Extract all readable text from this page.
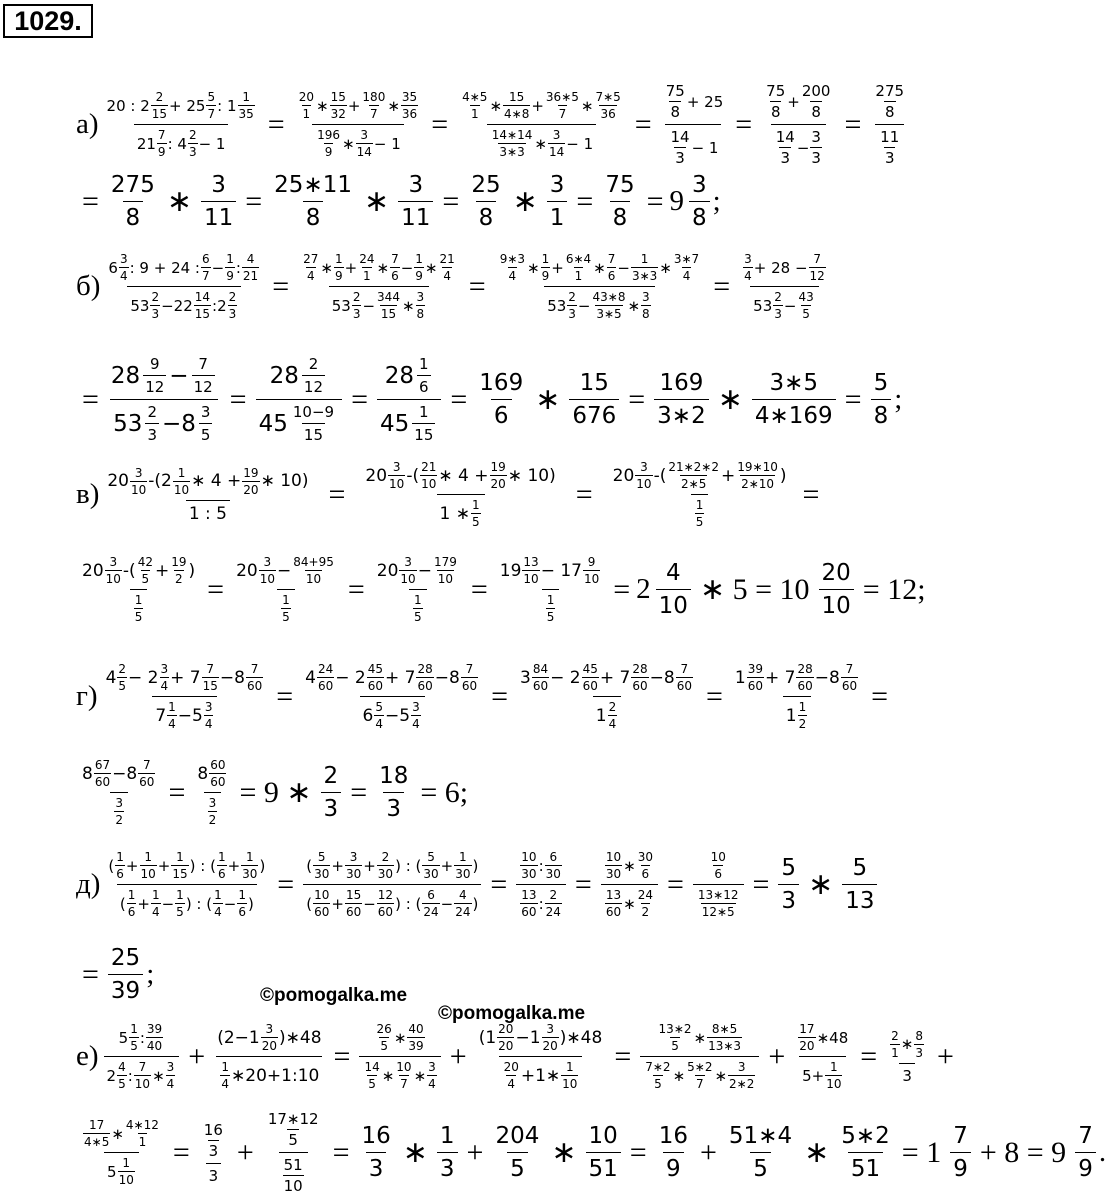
1029.
$а) \frac{20 : 2 \frac{2}{15} + 25 \frac{5}{7} : 1 \frac{1}{35}}{21 \frac{7}{9} : 4 \frac{2}{3} - 1} = \frac{\frac{20}{1} ∗ \frac{15}{32} + \frac{180}{7} ∗ \frac{35}{36}}{\frac{196}{9} ∗ \frac{3}{14} - 1} = \frac{\frac{4∗5}{1} ∗ \frac{15}{4∗8} + \frac{36∗5}{7} ∗ \frac{7∗5}{36}}{\frac{14∗14}{3∗3} ∗ \frac{3}{14} - 1} = \frac{\frac{75}{8} + 25}{\frac{14}{3} - 1} = \frac{\frac{75}{8} + \frac{200}{8}}{\frac{14}{3} - \frac{3}{3}} = \frac{\frac{275}{8}}{\frac{11}{3}}$
= $\frac{275}{8}$ ∗ $\frac{3}{11} = \frac{25∗11}{8}$ ∗ $\frac{3}{11} = \frac{25}{8}$ ∗ $\frac{3}{1} = \frac{75}{8} = 9 \frac{3}{8}$ ;
$б) \frac{6 \frac{3}{4} : 9 + 24 : \frac{6}{7} - \frac{1}{9} : \frac{4}{21}}{53 \frac{2}{3} -22 \frac{14}{15} :2 \frac{2}{3}} = \frac{\frac{27}{4} ∗ \frac{1}{9} + \frac{24}{1} ∗ \frac{7}{6} - \frac{1}{9} ∗ \frac{21}{4}}{53 \frac{2}{3} - \frac{344}{15} ∗ \frac{3}{8}} = \frac{\frac{9∗3}{4} ∗ \frac{1}{9} + \frac{6∗4}{1} ∗ \frac{7}{6} - \frac{1}{3∗3} ∗ \frac{3∗7}{4}}{53 \frac{2}{3} - \frac{43∗8}{3∗5} ∗ \frac{3}{8}} = \frac{\frac{3}{4} + 28 - \frac{7}{12}}{53 \frac{2}{3} - \frac{43}{5}}$
= $\frac{28 \frac{9}{12} - \frac{7}{12}}{53 \frac{2}{3} -8 \frac{3}{5}} = \frac{28 \frac{2}{12}}{45 \frac{10-9}{15}} = \frac{28 \frac{1}{6}}{45 \frac{1}{15}} = \frac{169}{6}$ ∗ $\frac{15}{676} = \frac{169}{3∗2}$ ∗ $\frac{3∗5}{4∗169} = \frac{5}{8}$ ;
$в) \frac{20 \frac{3}{10} -(2 \frac{1}{10} ∗ 4 + \frac{19}{20} ∗ 10)}{1 : 5}$ =	$\frac{20 \frac{3}{10} -( \frac{21}{10} ∗ 4 + \frac{19}{20} ∗ 10)}{1 ∗ \frac{1}{5}}$ =	$\frac{20 \frac{3}{10} -( \frac{21∗2∗2}{2∗5} + \frac{19∗10}{2∗10} )}{\frac{1}{5}}$ =
$\frac{20 \frac{3}{10} -( \frac{42}{5} + \frac{19}{2} )}{\frac{1}{5}} = \frac{20 \frac{3}{10} - \frac{84+95}{10}}{\frac{1}{5}} = \frac{20 \frac{3}{10} - \frac{179}{10}}{\frac{1}{5}} = \frac{19 \frac{13}{10} - 17 \frac{9}{10}}{\frac{1}{5}} = 2 \frac{4}{10}$ ∗ $5 = 10 \frac{20}{10} = 12$;
$г) \frac{4 \frac{2}{5} - 2 \frac{3}{4} + 7 \frac{7}{15} -8 \frac{7}{60}}{7 \frac{1}{4} -5 \frac{3}{4}} = \frac{4 \frac{24}{60} - 2 \frac{45}{60} + 7 \frac{28}{60} -8 \frac{7}{60}}{6 \frac{5}{4} -5 \frac{3}{4}} = \frac{3 \frac{84}{60} - 2 \frac{45}{60} + 7 \frac{28}{60} -8 \frac{7}{60}}{1 \frac{2}{4}} = \frac{1 \frac{39}{60} + 7 \frac{28}{60} -8 \frac{7}{60}}{1 \frac{1}{2}}$ =
$\frac{8 \frac{67}{60} -8 \frac{7}{60}}{\frac{3}{2}} = \frac{8 \frac{60}{60}}{\frac{3}{2}} = 9$ ∗ $\frac{2}{3} = \frac{18}{3} = 6$;
$д) \frac{( \frac{1}{6} + \frac{1}{10} + \frac{1}{15} ) : ( \frac{1}{6} + \frac{1}{30} )}{( \frac{1}{6} + \frac{1}{4} - \frac{1}{5} ) : ( \frac{1}{4} - \frac{1}{6} )} = \frac{( \frac{5}{30} + \frac{3}{30} + \frac{2}{30} ) : ( \frac{5}{30} + \frac{1}{30} )}{( \frac{10}{60} + \frac{15}{60} - \frac{12}{60} ) : ( \frac{6}{24} - \frac{4}{24} )} = \frac{\frac{10}{30} : \frac{6}{30}}{\frac{13}{60} : \frac{2}{24}} = \frac{\frac{10}{30} ∗ \frac{30}{6}}{\frac{13}{60} ∗ \frac{24}{2}} = \frac{\frac{10}{6}}{\frac{13∗12}{12∗5}} = \frac{5}{3}$ ∗ $\frac{5}{13}$
= $\frac{25}{39}$ ;
©pomogalka.me
©pomogalka.me
$е) \frac{5 \frac{1}{5} : \frac{39}{40}}{2 \frac{4}{5} : \frac{7}{10} ∗ \frac{3}{4}} + \frac{(2-1 \frac{3}{20} )∗48}{\frac{1}{4} ∗20+1:10} = \frac{\frac{26}{5} ∗ \frac{40}{39}}{\frac{14}{5} ∗ \frac{10}{7} ∗ \frac{3}{4}} + \frac{(1 \frac{20}{20} -1 \frac{3}{20} )∗48}{\frac{20}{4} +1∗ \frac{1}{10}} = \frac{\frac{13∗2}{5} ∗ \frac{8∗5}{13∗3}}{\frac{7∗2}{5} ∗ \frac{5∗2}{7} ∗ \frac{3}{2∗2}} + \frac{\frac{17}{20} ∗48}{5+ \frac{1}{10}} = \frac{\frac{2}{1} ∗ \frac{8}{3}}{3}$ +
$\frac{\frac{17}{4∗5} ∗ \frac{4∗12}{1}}{5 \frac{1}{10}} = \frac{\frac{16}{3}}{3} + \frac{\frac{17∗12}{5}}{\frac{51}{10}} = \frac{16}{3}$ ∗ $\frac{1}{3} + \frac{204}{5}$ ∗ $\frac{10}{51} = \frac{16}{9} + \frac{51∗4}{5}$ ∗ $\frac{5∗2}{51} = 1 \frac{7}{9} + 8 = 9 \frac{7}{9}$ .
